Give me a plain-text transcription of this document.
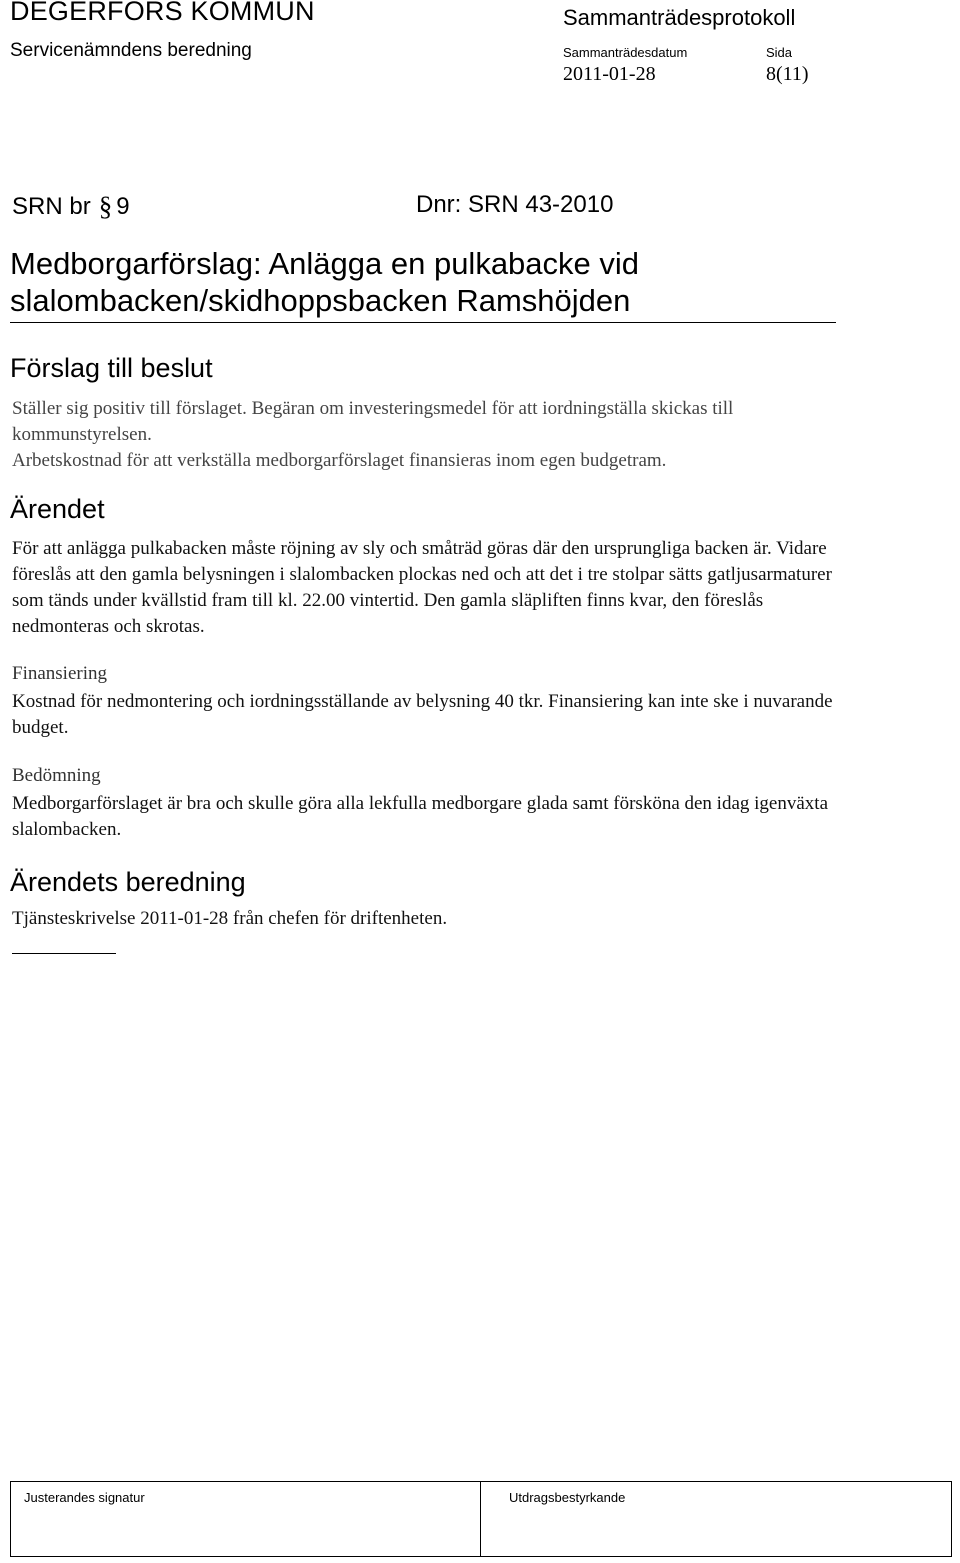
DEGERFORS KOMMUN
Servicenämndens beredning
Sammanträdesprotokoll
Sammanträdesdatum
2011-01-28
Sida
8(11)
SRN br § 9	Dnr: SRN 43-2010
Medborgarförslag: Anlägga en pulkabacke vid
slalombacken/skidhoppsbacken Ramshöjden
Förslag till beslut

Ställer sig positiv till förslaget. Begäran om investeringsmedel för att iordningställa skickas till

kommunstyrelsen.

Arbetskostnad för att verkställa medborgarförslaget finansieras inom egen budgetram.

Ärendet
För att anlägga pulkabacken måste röjning av sly och småträd göras där den ursprungliga backen är. Vidare föreslås att den gamla belysningen i slalombacken plockas ned och att det i tre stolpar sätts gatljusarmaturer som tänds under kvällstid fram till kl. 22.00 vintertid. Den gamla släpliften finns kvar, den föreslås nedmonteras och skrotas.
Finansiering
Kostnad för nedmontering och iordningsställande av belysning 40 tkr. Finansiering kan inte ske i nuvarande budget.
Bedömning
Medborgarförslaget är bra och skulle göra alla lekfulla medborgare glada samt försköna den idag igenväxta slalombacken.
Ärendets beredning
Tjänsteskrivelse 2011-01-28 från chefen för driftenheten.
Justerandes signatur	Utdragsbestyrkande
